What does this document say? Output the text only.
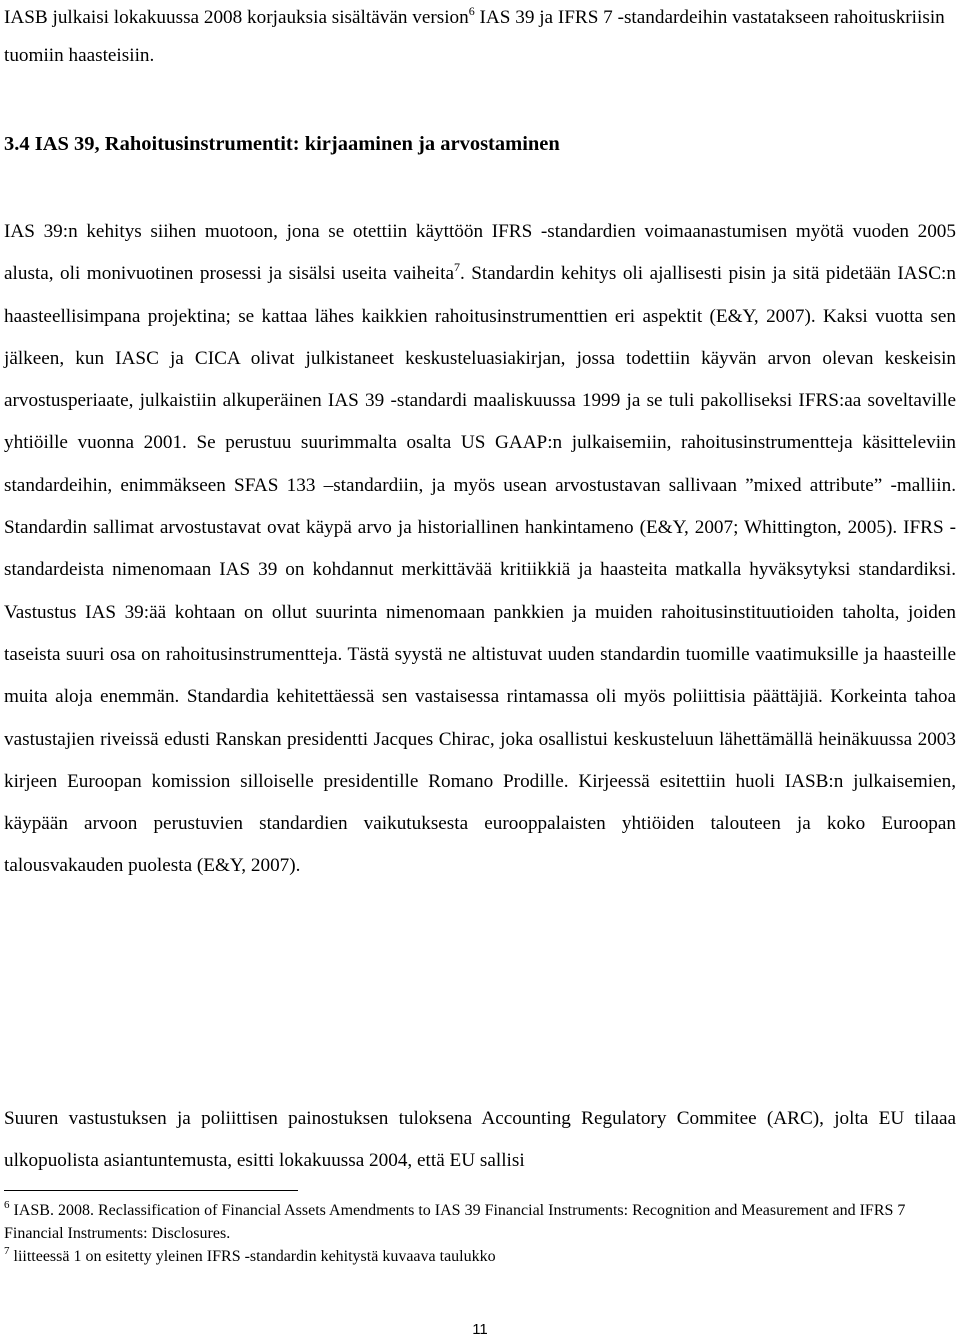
IASB julkaisi lokakuussa 2008 korjauksia sisältävän version$^6$ IAS 39 ja IFRS 7 -standardeihin vastatakseen rahoituskriisin tuomiin haasteisiin.

3.4 IAS 39, Rahoitusinstrumentit: kirjaaminen ja arvostaminen

IAS 39:n kehitys siihen muotoon, jona se otettiin käyttöön IFRS -standardien voimaanastumisen myötä vuoden 2005 alusta, oli monivuotinen prosessi ja sisälsi useita vaiheita$^7$. Standardin kehitys oli ajallisesti pisin ja sitä pidetään IASC:n haasteellisimpana projektina; se kattaa lähes kaikkien rahoitusinstrumenttien eri aspektit (E&Y, 2007). Kaksi vuotta sen jälkeen, kun IASC ja CICA olivat julkistaneet keskusteluasiakirjan, jossa todettiin käyvän arvon olevan keskeisin arvostusperiaate, julkaistiin alkuperäinen IAS 39 -standardi maaliskuussa 1999 ja se tuli pakolliseksi IFRS:aa soveltaville yhtiöille vuonna 2001. Se perustuu suurimmalta osalta US GAAP:n julkaisemiin, rahoitusinstrumentteja käsitteleviin standardeihin, enimmäkseen SFAS 133 –standardiin, ja myös usean arvostustavan sallivaan ”mixed attribute” -malliin. Standardin sallimat arvostustavat ovat käypä arvo ja historiallinen hankintameno (E&Y, 2007; Whittington, 2005). IFRS -standardeista nimenomaan IAS 39 on kohdannut merkittävää kritiikkiä ja haasteita matkalla hyväksytyksi standardiksi. Vastustus IAS 39:ää kohtaan on ollut suurinta nimenomaan pankkien ja muiden rahoitusinstituutioiden taholta, joiden taseista suuri osa on rahoitusinstrumentteja. Tästä syystä ne altistuvat uuden standardin tuomille vaatimuksille ja haasteille muita aloja enemmän. Standardia kehitettäessä sen vastaisessa rintamassa oli myös poliittisia päättäjiä. Korkeinta tahoa vastustajien riveissä edusti Ranskan presidentti Jacques Chirac, joka osallistui keskusteluun lähettämällä heinäkuussa 2003 kirjeen Euroopan komission silloiselle presidentille Romano Prodille. Kirjeessä esitettiin huoli IASB:n julkaisemien, käypään arvoon perustuvien standardien vaikutuksesta eurooppalaisten yhtiöiden talouteen ja koko Euroopan talousvakauden puolesta (E&Y, 2007).

Suuren vastustuksen ja poliittisen painostuksen tuloksena Accounting Regulatory Commitee (ARC), jolta EU tilaaa ulkopuolista asiantuntemusta, esitti lokakuussa 2004, että EU sallisi

$^6$ IASB. 2008. Reclassification of Financial Assets Amendments to IAS 39 Financial Instruments: Recognition and Measurement and IFRS 7 Financial Instruments: Disclosures.

$^7$ liitteessä 1 on esitetty yleinen IFRS -standardin kehitystä kuvaava taulukko

11
